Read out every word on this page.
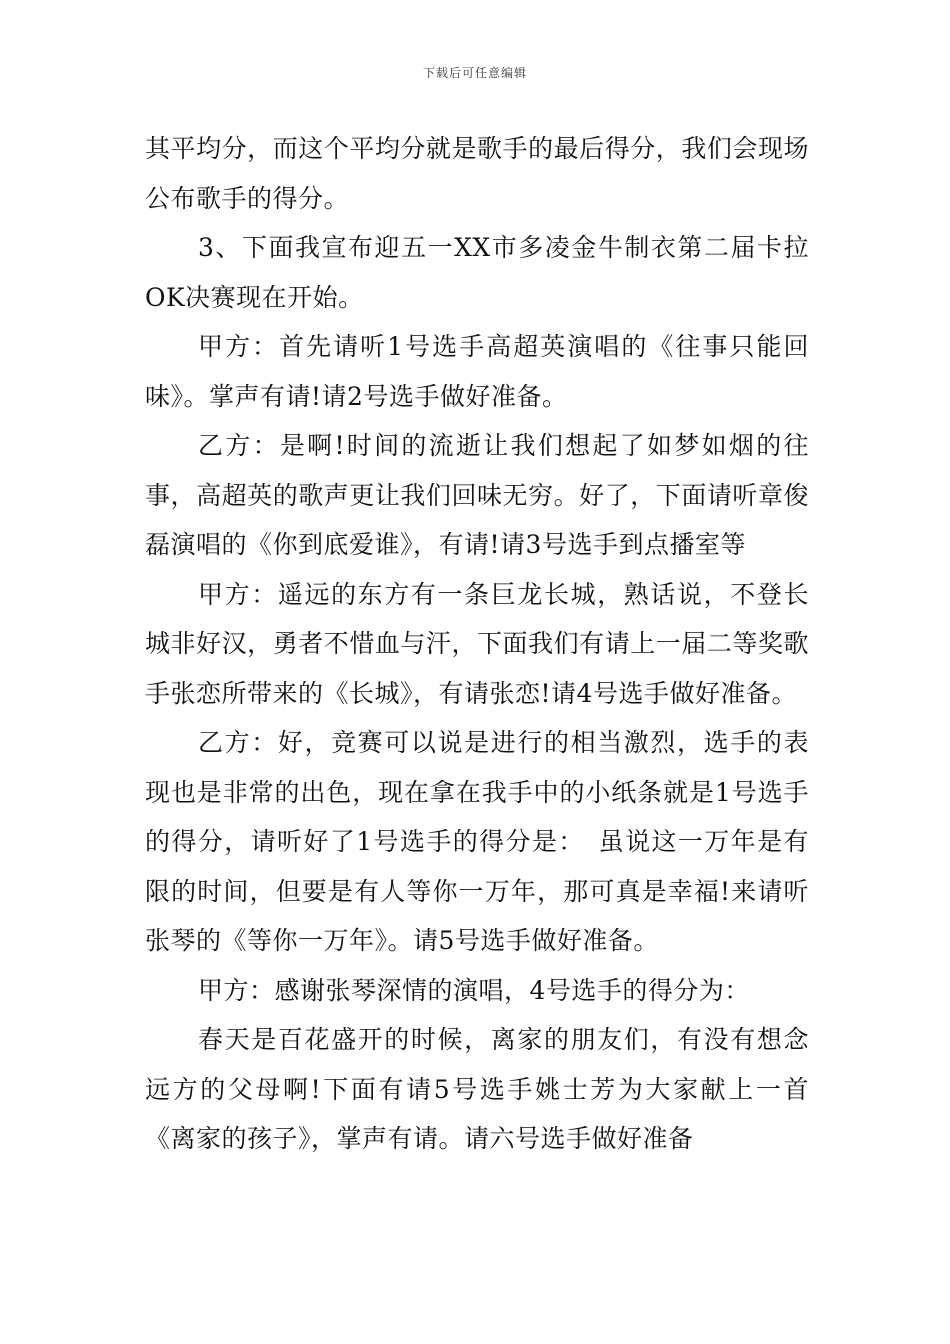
下载后可任意编辑

其平均分，而这个平均分就是歌手的最后得分，我们会现场公布歌手的得分。

3、下面我宣布迎五一XX市多凌金牛制衣第二届卡拉OK决赛现在开始。

甲方：首先请听1号选手高超英演唱的《往事只能回味》。掌声有请!请2号选手做好准备。

乙方：是啊!时间的流逝让我们想起了如梦如烟的往事，高超英的歌声更让我们回味无穷。好了，下面请听章俊磊演唱的《你到底爱谁》，有请!请3号选手到点播室等

甲方：遥远的东方有一条巨龙长城，熟话说，不登长城非好汉，勇者不惜血与汗，下面我们有请上一届二等奖歌手张恋所带来的《长城》，有请张恋!请4号选手做好准备。

乙方：好，竞赛可以说是进行的相当激烈，选手的表现也是非常的出色，现在拿在我手中的小纸条就是1号选手的得分，请听好了1号选手的得分是：　虽说这一万年是有限的时间，但要是有人等你一万年，那可真是幸福!来请听张琴的《等你一万年》。请5号选手做好准备。

甲方：感谢张琴深情的演唱，4号选手的得分为：

春天是百花盛开的时候，离家的朋友们，有没有想念远方的父母啊!下面有请5号选手姚士芳为大家献上一首《离家的孩子》，掌声有请。请六号选手做好准备
